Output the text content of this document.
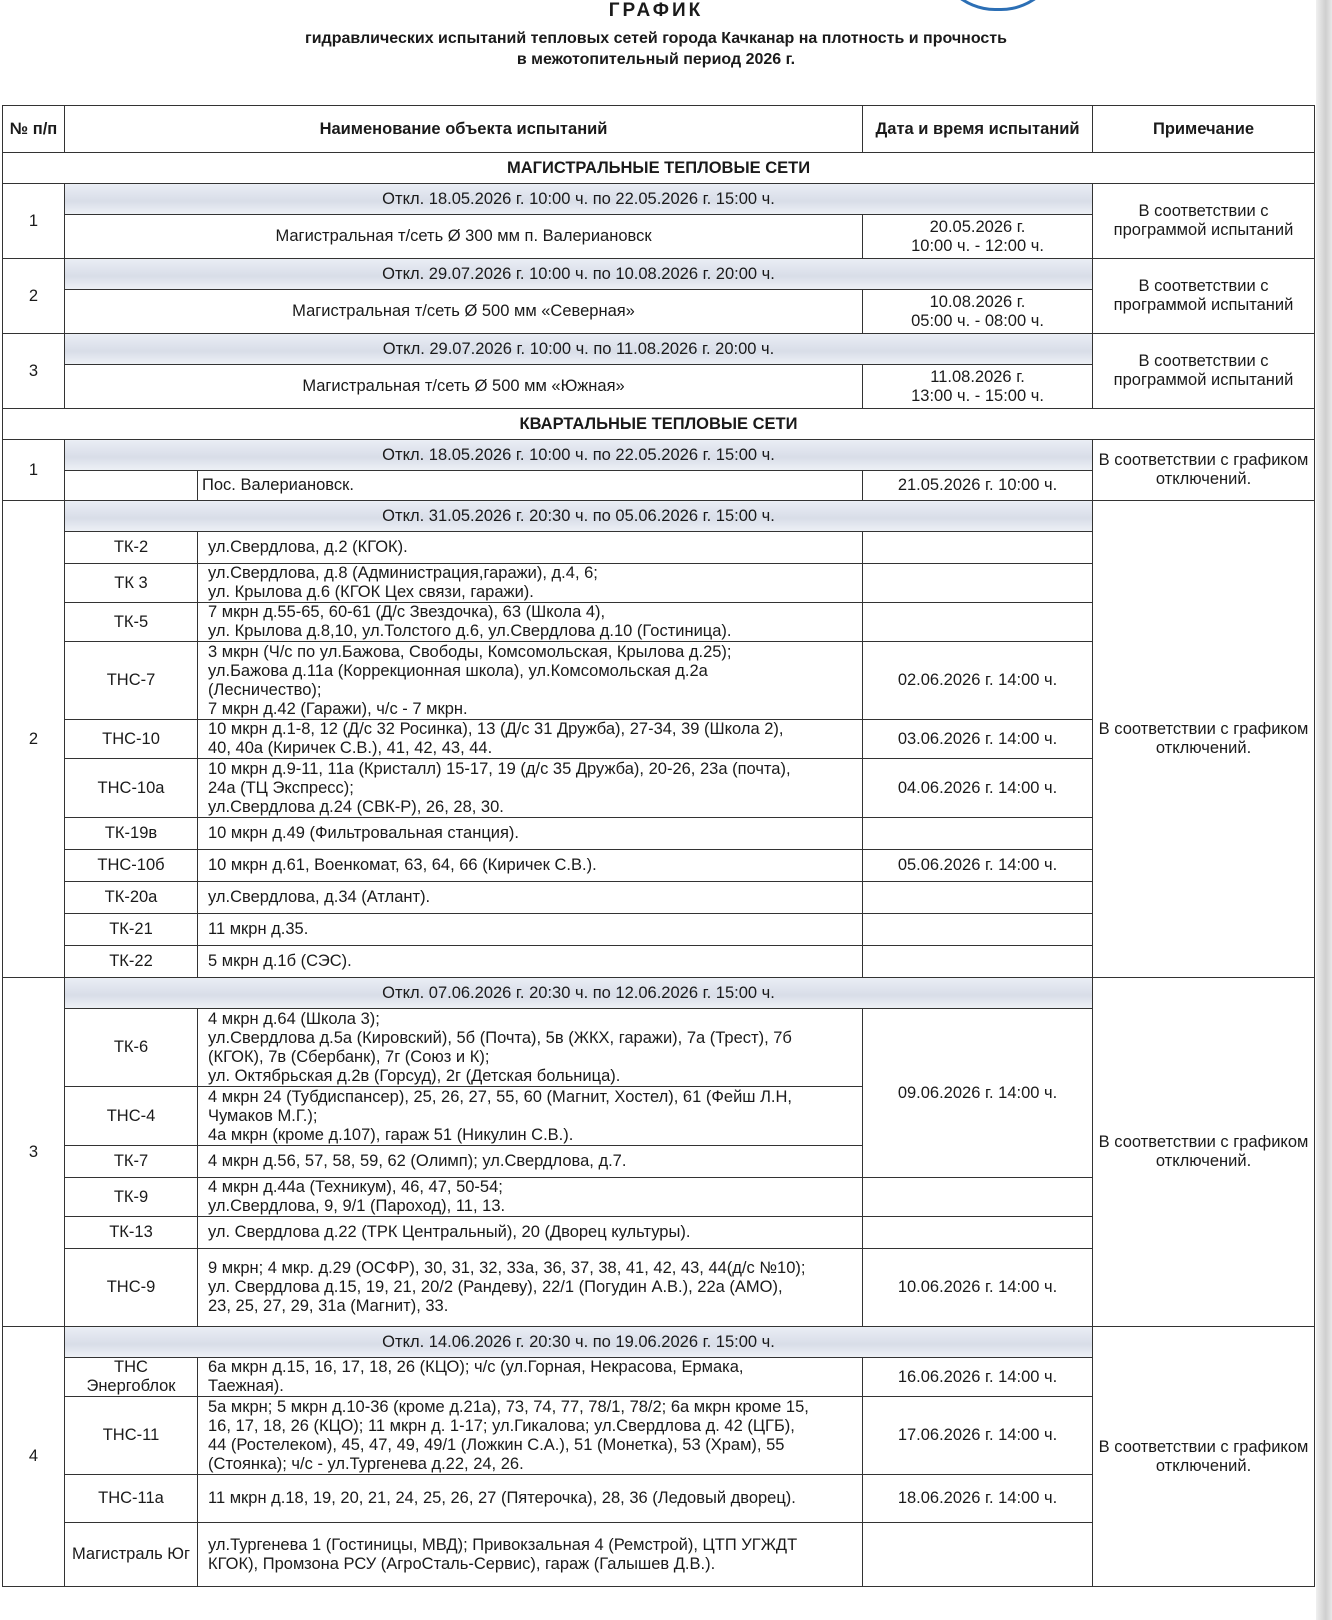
ГРАФИК
гидравлических испытаний тепловых сетей города Качканар на плотность и прочность
в межотопительный период 2026 г.
№ п/п	Наименование объекта испытаний		Дата и время испытаний	Примечание
МАГИСТРАЛЬНЫЕ ТЕПЛОВЫЕ СЕТИ				
1	Откл. 18.05.2026 г. 10:00 ч. по 22.05.2026 г. 15:00 ч.			В соответствии с программой испытаний
	Магистральная т/сеть Ø 300 мм п. Валериановск		20.05.2026 г.
10:00 ч. - 12:00 ч.	
2	Откл. 29.07.2026 г. 10:00 ч. по 10.08.2026 г. 20:00 ч.			В соответствии с программой испытаний
	Магистральная т/сеть Ø 500 мм «Северная»		10.08.2026 г.
05:00 ч. - 08:00 ч.	
3	Откл. 29.07.2026 г. 10:00 ч. по 11.08.2026 г. 20:00 ч.			В соответствии с программой испытаний
	Магистральная т/сеть Ø 500 мм «Южная»		11.08.2026 г.
13:00 ч. - 15:00 ч.	
КВАРТАЛЬНЫЕ ТЕПЛОВЫЕ СЕТИ				
1	Откл. 18.05.2026 г. 10:00 ч. по 22.05.2026 г. 15:00 ч.			В соответствии с графиком отключений.
		Пос. Валериановск.	21.05.2026 г. 10:00 ч.	
2	Откл. 31.05.2026 г. 20:30 ч. по 05.06.2026 г. 15:00 ч.			В соответствии с графиком отключений.
	ТК-2	ул.Свердлова, д.2 (КГОК).		
	ТК 3	ул.Свердлова, д.8 (Администрация,гаражи), д.4, 6;
ул. Крылова д.6 (КГОК Цех связи, гаражи).		
	ТК-5	7 мкрн д.55-65, 60-61 (Д/с Звездочка), 63 (Школа 4),
ул. Крылова д.8,10, ул.Толстого д.6, ул.Свердлова д.10 (Гостиница).		
	ТНС-7	3 мкрн (Ч/с по ул.Бажова, Свободы, Комсомольская, Крылова д.25);
ул.Бажова д.11а (Коррекционная школа), ул.Комсомольская д.2а
(Лесничество);
7 мкрн д.42 (Гаражи), ч/с - 7 мкрн.	02.06.2026 г. 14:00 ч.	
	ТНС-10	10 мкрн д.1-8, 12 (Д/с 32 Росинка), 13 (Д/с 31 Дружба), 27-34, 39 (Школа 2),
40, 40а (Киричек С.В.), 41, 42, 43, 44.	03.06.2026 г. 14:00 ч.	
	ТНС-10а	10 мкрн д.9-11, 11а (Кристалл) 15-17, 19 (д/с 35 Дружба), 20-26, 23а (почта),
24а (ТЦ Экспресс);
ул.Свердлова д.24 (СВК-Р), 26, 28, 30.	04.06.2026 г. 14:00 ч.	
	ТК-19в	10 мкрн д.49 (Фильтровальная станция).		
	ТНС-10б	10 мкрн д.61, Военкомат, 63, 64, 66 (Киричек С.В.).	05.06.2026 г. 14:00 ч.	
	ТК-20а	ул.Свердлова, д.34 (Атлант).		
	ТК-21	11 мкрн д.35.		
	ТК-22	5 мкрн д.1б (СЭС).		
3	Откл. 07.06.2026 г. 20:30 ч. по 12.06.2026 г. 15:00 ч.			В соответствии с графиком отключений.
	ТК-6	4 мкрн д.64 (Школа 3);
ул.Свердлова д.5а (Кировский), 5б (Почта), 5в (ЖКХ, гаражи), 7а (Трест), 7б
(КГОК), 7в (Сбербанк), 7г (Союз и К);
ул. Октябрьская д.2в (Горсуд), 2г (Детская больница).	09.06.2026 г. 14:00 ч.	
	ТНС-4	4 мкрн 24 (Тубдиспансер), 25, 26, 27, 55, 60 (Магнит, Хостел), 61 (Фейш Л.Н,
Чумаков М.Г.);
4а мкрн (кроме д.107), гараж 51 (Никулин С.В.).		
	ТК-7	4 мкрн д.56, 57, 58, 59, 62 (Олимп); ул.Свердлова, д.7.		
	ТК-9	4 мкрн д.44а (Техникум), 46, 47, 50-54;
ул.Свердлова, 9, 9/1 (Пароход), 11, 13.		
	ТК-13	ул. Свердлова д.22 (ТРК Центральный), 20 (Дворец культуры).		
	ТНС-9	9 мкрн; 4 мкр. д.29 (ОСФР), 30, 31, 32, 33а, 36, 37, 38, 41, 42, 43, 44(д/с №10);
ул. Свердлова д.15, 19, 21, 20/2 (Рандеву), 22/1 (Погудин А.В.), 22а (АМО),
23, 25, 27, 29, 31а (Магнит), 33.	10.06.2026 г. 14:00 ч.	
4	Откл. 14.06.2026 г. 20:30 ч. по 19.06.2026 г. 15:00 ч.			В соответствии с графиком отключений.
	ТНС
Энергоблок	6а мкрн д.15, 16, 17, 18, 26 (КЦО); ч/с (ул.Горная, Некрасова, Ермака,
Таежная).	16.06.2026 г. 14:00 ч.	
	ТНС-11	5а мкрн; 5 мкрн д.10-36 (кроме д.21а), 73, 74, 77, 78/1, 78/2; 6а мкрн кроме 15,
16, 17, 18, 26 (КЦО); 11 мкрн д. 1-17; ул.Гикалова; ул.Свердлова д. 42 (ЦГБ),
44 (Ростелеком), 45, 47, 49, 49/1 (Ложкин С.А.), 51 (Монетка), 53 (Храм), 55
(Стоянка); ч/с - ул.Тургенева д.22, 24, 26.	17.06.2026 г. 14:00 ч.	
	ТНС-11а	11 мкрн д.18, 19, 20, 21, 24, 25, 26, 27 (Пятерочка), 28, 36 (Ледовый дворец).	18.06.2026 г. 14:00 ч.	
	Магистраль Юг	ул.Тургенева 1 (Гостиницы, МВД); Привокзальная 4 (Ремстрой), ЦТП УГЖДТ
КГОК), Промзона РСУ (АгроСталь-Сервис), гараж (Галышев Д.В.).		
